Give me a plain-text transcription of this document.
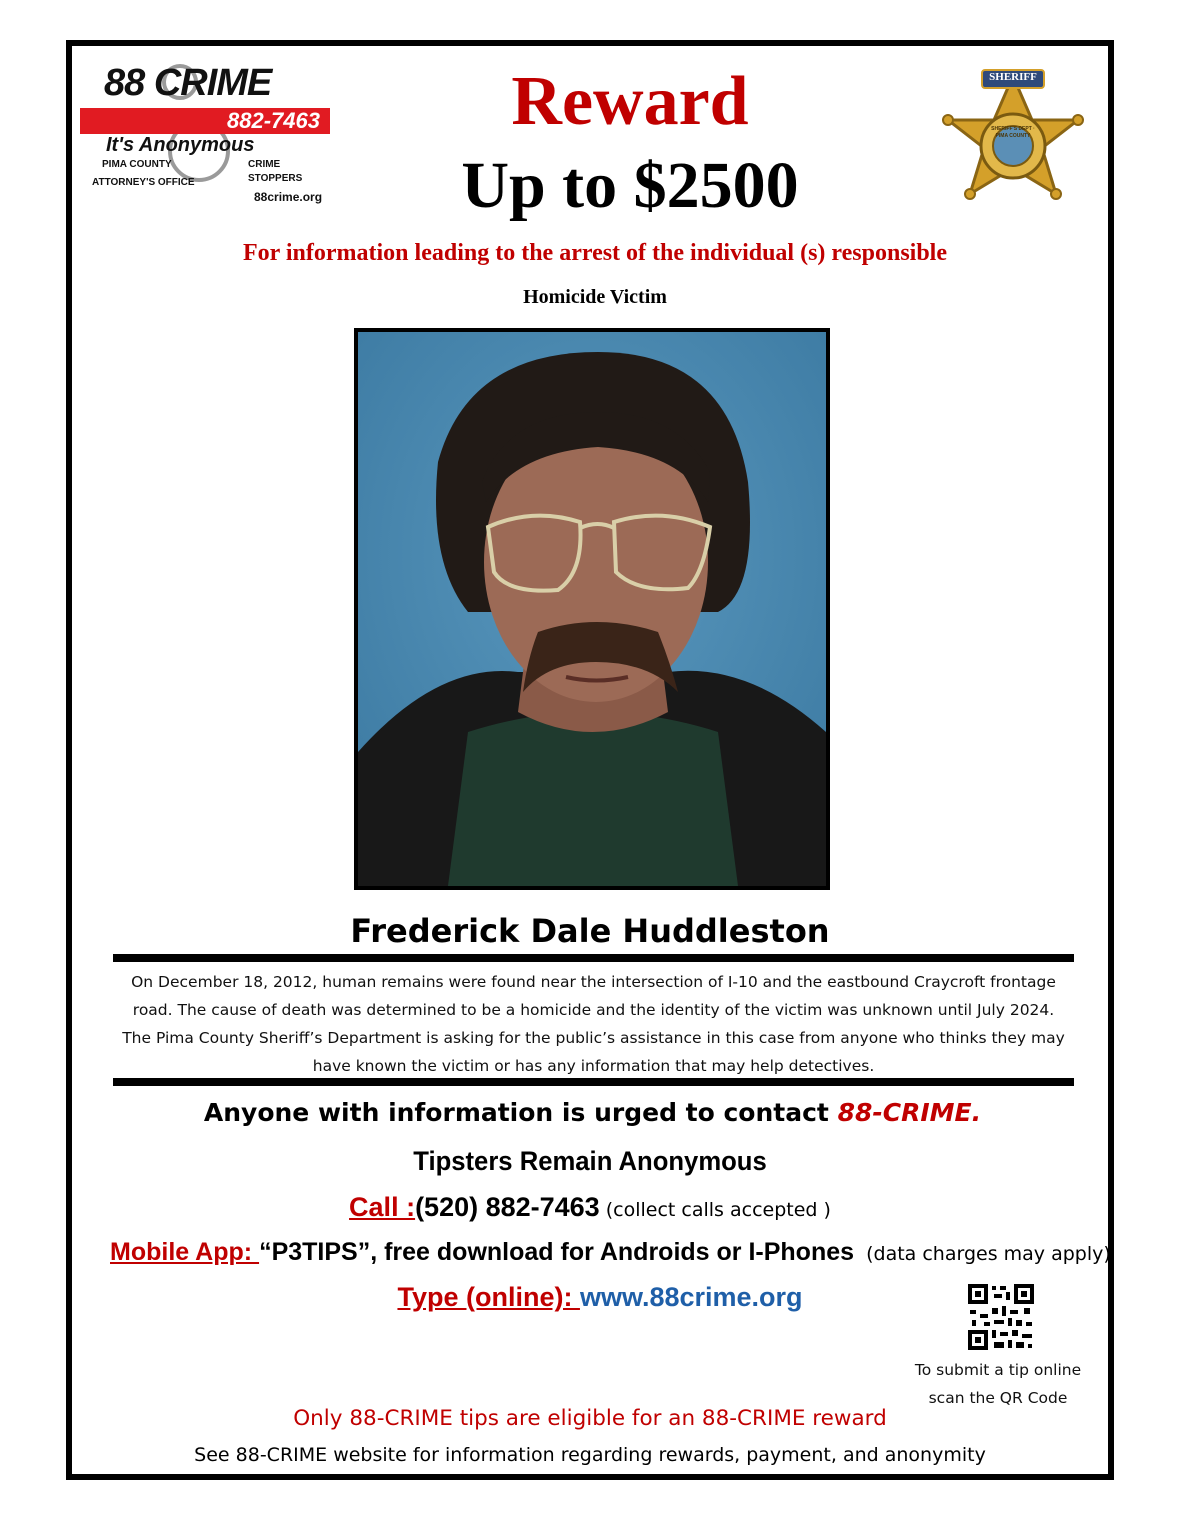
88 CRIME
882-7463
It's Anonymous
PIMA COUNTY
ATTORNEY'S OFFICE
CRIME STOPPERS
88crime.org
Reward
Up to $2500
SHERIFF
SHERIFF'S DEPT · PIMA COUNTY
For information leading to the arrest of the individual (s) responsible
Homicide Victim
Frederick Dale Huddleston
On December 18, 2012, human remains were found near the intersection of I-10 and the eastbound Craycroft frontage
road. The cause of death was determined to be a homicide and the identity of the victim was unknown until July 2024.
The Pima County Sheriff’s Department is asking for the public’s assistance in this case from anyone who thinks they may
have known the victim or has any information that may help detectives.
Anyone with information is urged to contact 88-CRIME.
Tipsters Remain Anonymous
Call :(520) 882-7463 (collect calls accepted )
Mobile App: “P3TIPS”, free download for Androids or I-Phones  (data charges may apply)
Type (online): www.88crime.org
To submit a tip online
scan the QR Code
Only 88-CRIME tips are eligible for an 88-CRIME reward
See 88-CRIME website for information regarding rewards, payment, and anonymity
